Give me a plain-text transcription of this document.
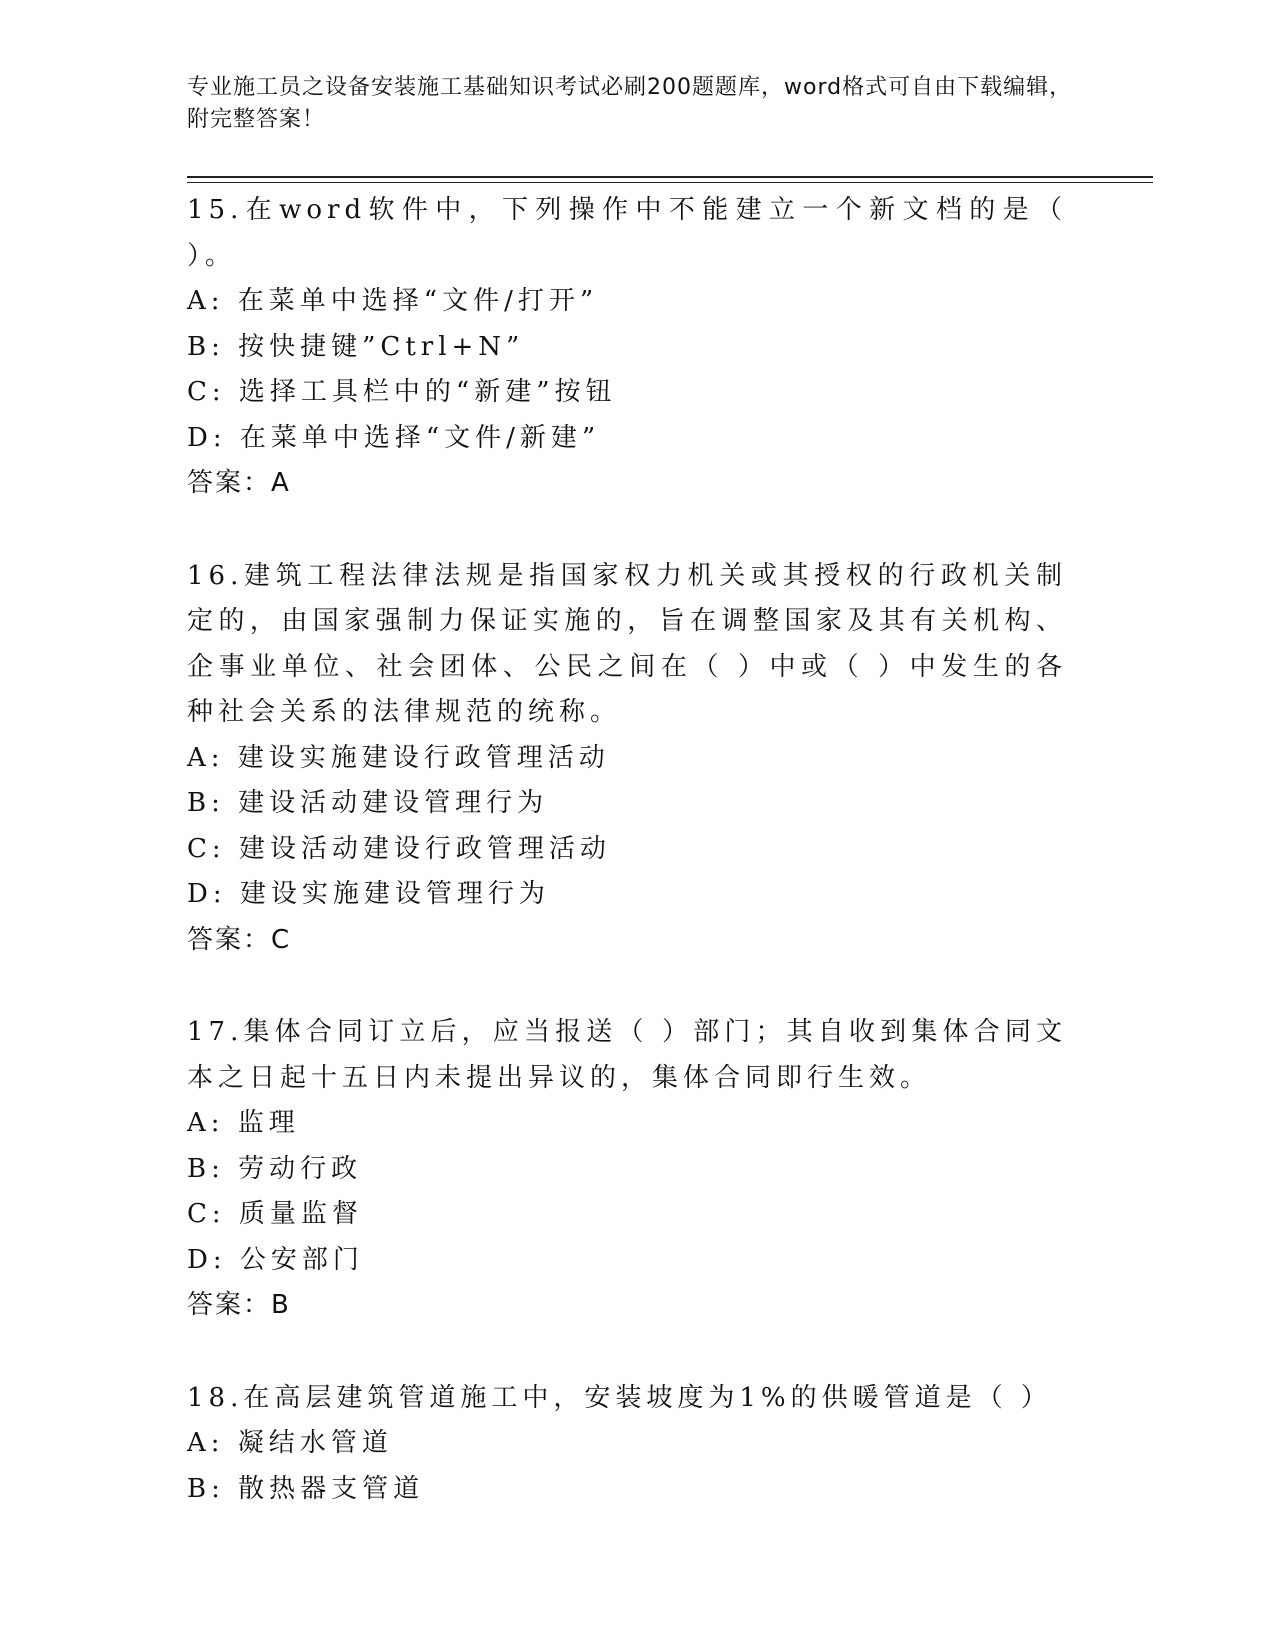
专业施工员之设备安装施工基础知识考试必刷200题题库，word格式可自由下载编辑，附完整答案！

15.在word软件中，下列操作中不能建立一个新文档的是（ ）。

A: 在菜单中选择“文件/打开”

B: 按快捷键”Ctrl+N”

C: 选择工具栏中的“新建”按钮

D: 在菜单中选择“文件/新建”

答案：A

16.建筑工程法律法规是指国家权力机关或其授权的行政机关制定的，由国家强制力保证实施的，旨在调整国家及其有关机构、企事业单位、社会团体、公民之间在（ ）中或（ ）中发生的各种社会关系的法律规范的统称。

A: 建设实施建设行政管理活动

B: 建设活动建设管理行为

C: 建设活动建设行政管理活动

D: 建设实施建设管理行为

答案：C

17.集体合同订立后，应当报送（ ）部门；其自收到集体合同文本之日起十五日内未提出异议的，集体合同即行生效。

A: 监理

B: 劳动行政

C: 质量监督

D: 公安部门

答案：B

18.在高层建筑管道施工中，安装坡度为1%的供暖管道是（ ）

A: 凝结水管道

B: 散热器支管道
